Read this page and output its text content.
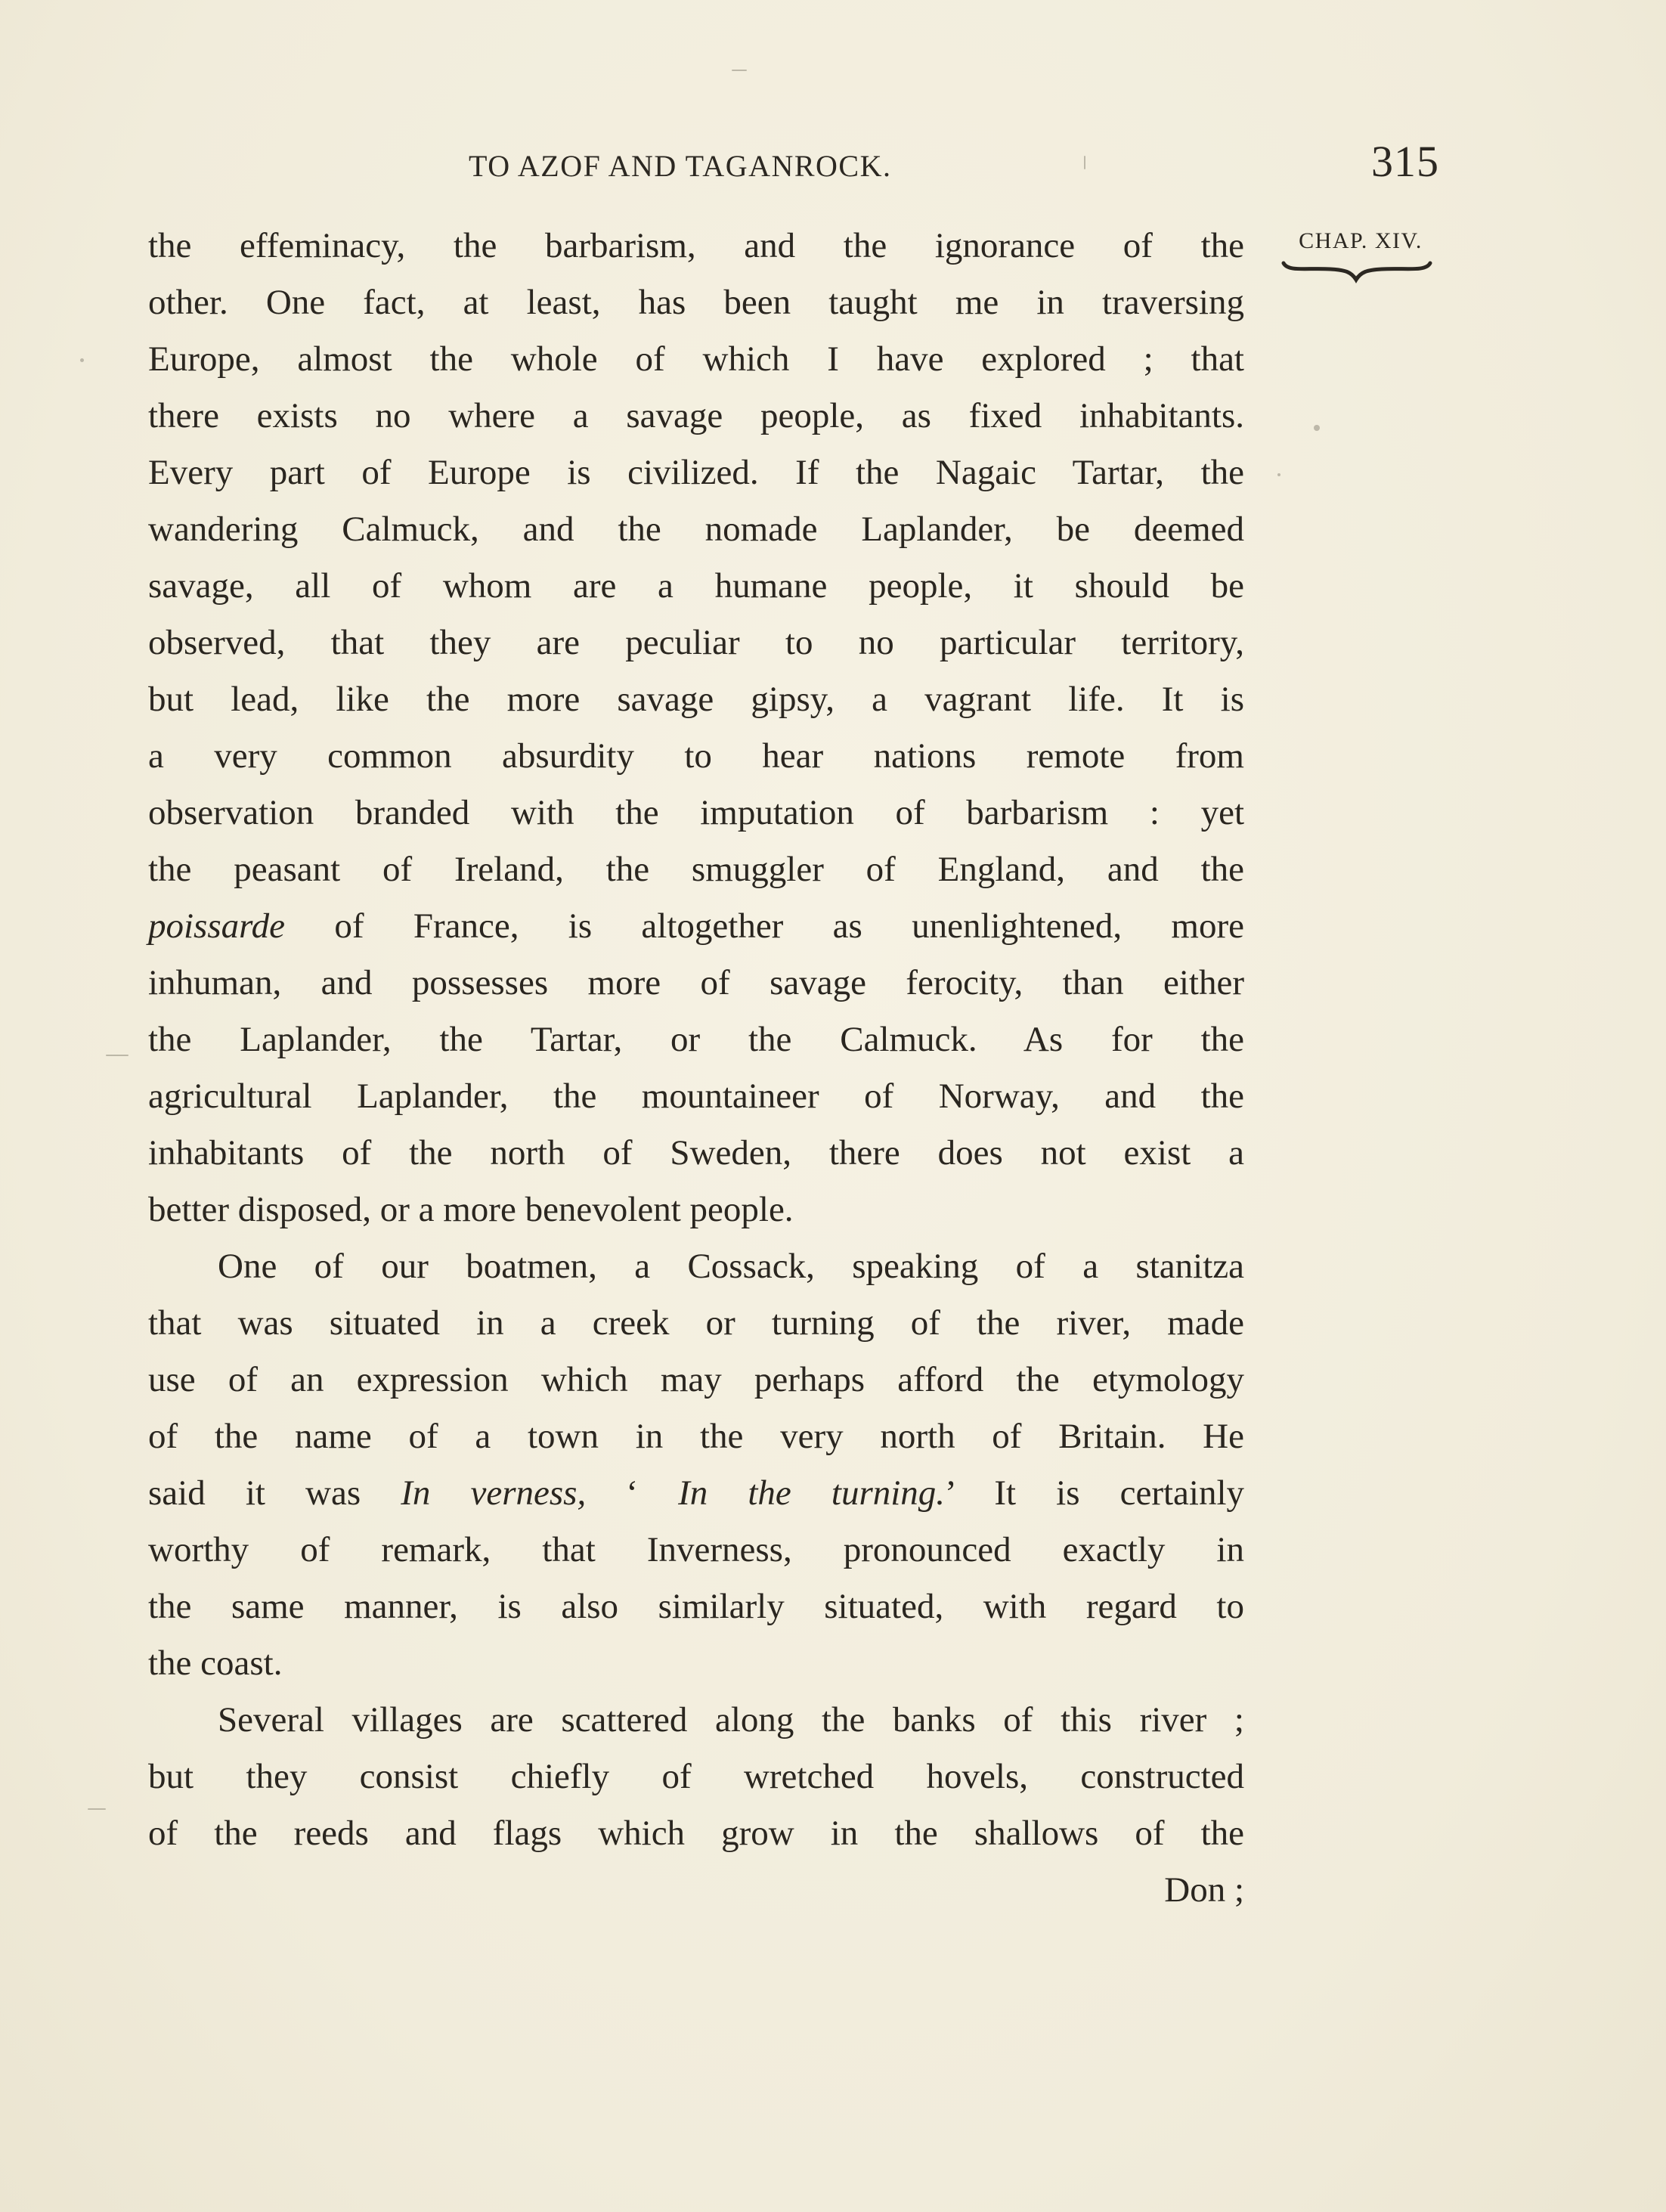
TO AZOF AND TAGANROCK.	315
CHAP. XIV.
the effeminacy, the barbarism, and the ignorance of the
other. One fact, at least, has been taught me in traversing
Europe, almost the whole of which I have explored ; that
there exists no where a savage people, as fixed inhabitants.
Every part of Europe is civilized. If the Nagaic Tartar, the
wandering Calmuck, and the nomade Laplander, be deemed
savage, all of whom are a humane people, it should be
observed, that they are peculiar to no particular territory,
but lead, like the more savage gipsy, a vagrant life. It is
a very common absurdity to hear nations remote from
observation branded with the imputation of barbarism : yet
the peasant of Ireland, the smuggler of England, and the
poissarde of France, is altogether as unenlightened, more
inhuman, and possesses more of savage ferocity, than either
the Laplander, the Tartar, or the Calmuck. As for the
agricultural Laplander, the mountaineer of Norway, and the
inhabitants of the north of Sweden, there does not exist a
better disposed, or a more benevolent people.
One of our boatmen, a Cossack, speaking of a stanitza
that was situated in a creek or turning of the river, made
use of an expression which may perhaps afford the etymology
of the name of a town in the very north of Britain. He
said it was In verness, ‘ In the turning.’ It is certainly
worthy of remark, that Inverness, pronounced exactly in
the same manner, is also similarly situated, with regard to
the coast.
Several villages are scattered along the banks of this river ;
but they consist chiefly of wretched hovels, constructed
of the reeds and flags which grow in the shallows of the
Don ;
